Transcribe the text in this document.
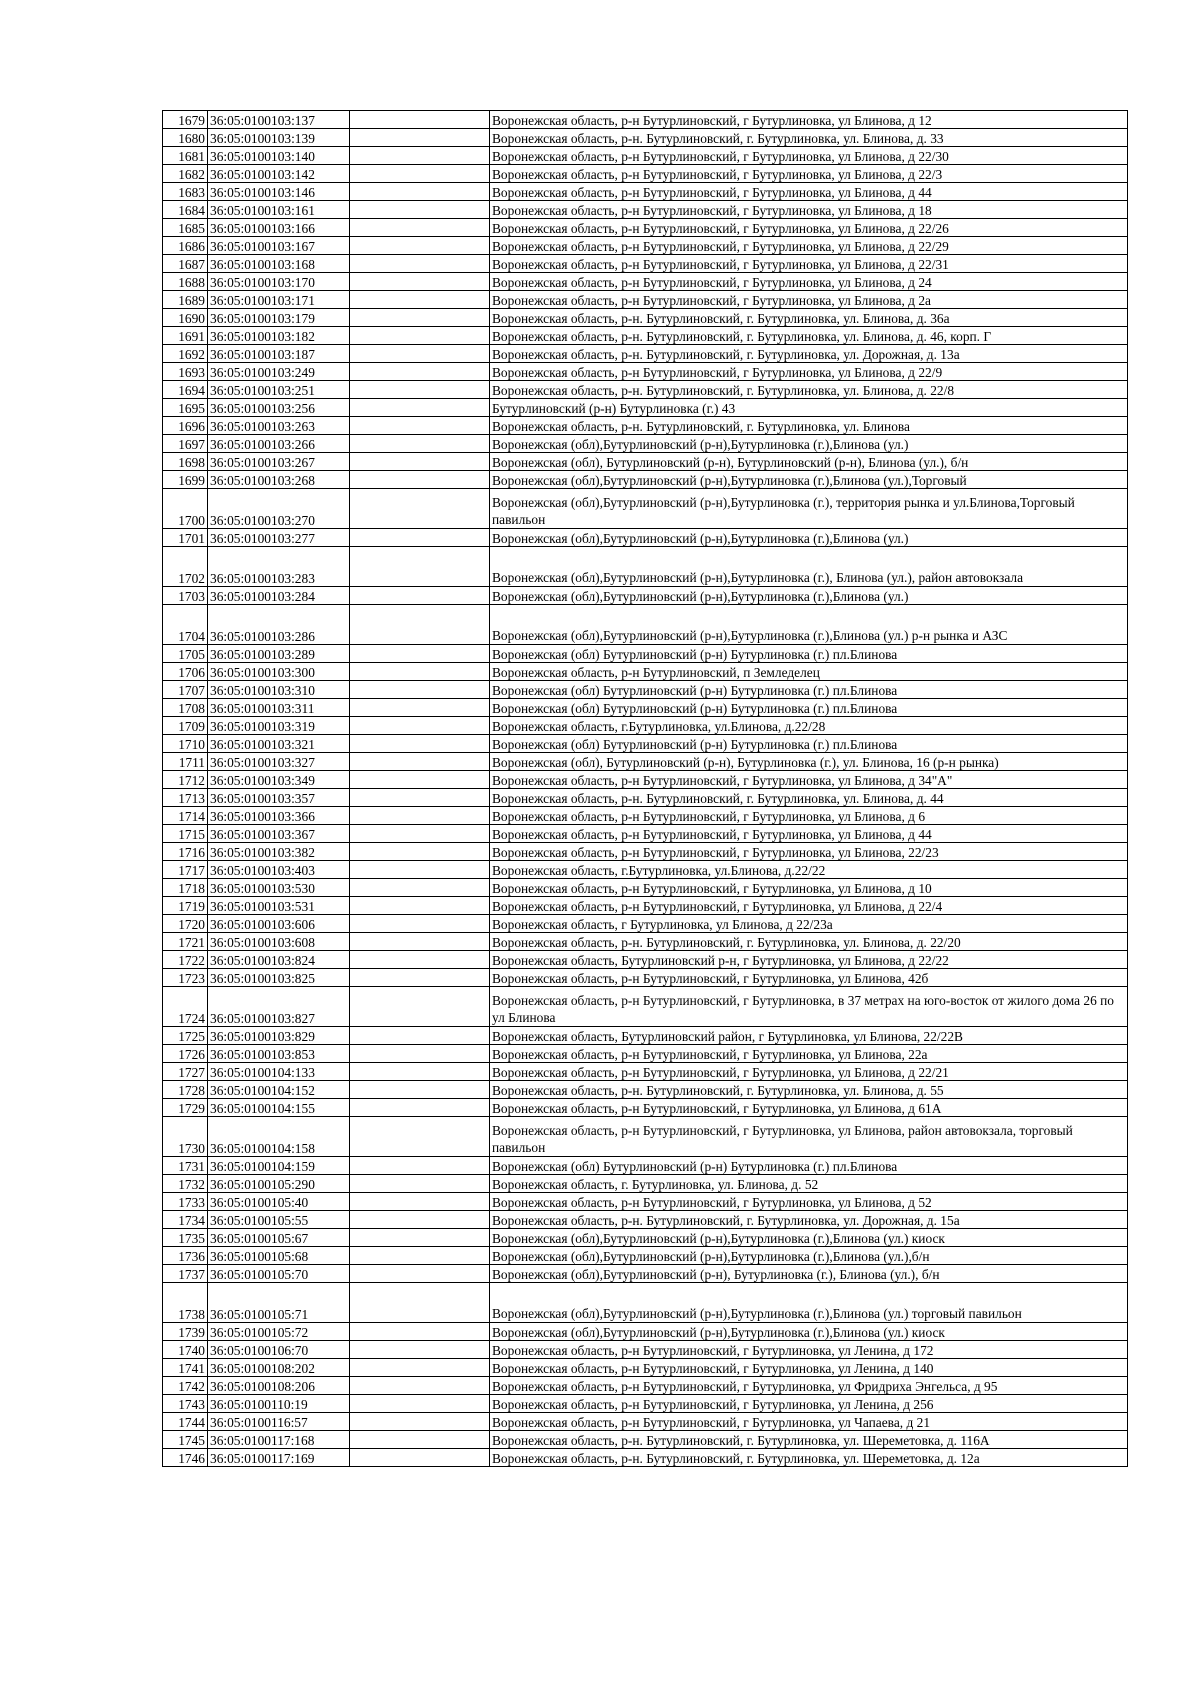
1679	36:05:0100103:137		Воронежская область, р-н Бутурлиновский, г Бутурлиновка, ул Блинова, д 12
1680	36:05:0100103:139		Воронежская область, р-н. Бутурлиновский, г. Бутурлиновка, ул. Блинова, д. 33
1681	36:05:0100103:140		Воронежская область, р-н Бутурлиновский, г Бутурлиновка, ул Блинова, д 22/30
1682	36:05:0100103:142		Воронежская область, р-н Бутурлиновский, г Бутурлиновка, ул Блинова, д 22/3
1683	36:05:0100103:146		Воронежская область, р-н Бутурлиновский, г Бутурлиновка, ул Блинова, д 44
1684	36:05:0100103:161		Воронежская область, р-н Бутурлиновский, г Бутурлиновка, ул Блинова, д 18
1685	36:05:0100103:166		Воронежская область, р-н Бутурлиновский, г Бутурлиновка, ул Блинова, д 22/26
1686	36:05:0100103:167		Воронежская область, р-н Бутурлиновский, г Бутурлиновка, ул Блинова, д 22/29
1687	36:05:0100103:168		Воронежская область, р-н Бутурлиновский, г Бутурлиновка, ул Блинова, д 22/31
1688	36:05:0100103:170		Воронежская область, р-н Бутурлиновский, г Бутурлиновка, ул Блинова, д 24
1689	36:05:0100103:171		Воронежская область, р-н Бутурлиновский, г Бутурлиновка, ул Блинова, д 2а
1690	36:05:0100103:179		Воронежская область, р-н. Бутурлиновский, г. Бутурлиновка, ул. Блинова, д. 36а
1691	36:05:0100103:182		Воронежская область, р-н. Бутурлиновский, г. Бутурлиновка, ул. Блинова, д. 46, корп. Г
1692	36:05:0100103:187		Воронежская область, р-н. Бутурлиновский, г. Бутурлиновка, ул. Дорожная, д. 13а
1693	36:05:0100103:249		Воронежская область, р-н Бутурлиновский, г Бутурлиновка, ул Блинова, д 22/9
1694	36:05:0100103:251		Воронежская область, р-н. Бутурлиновский, г. Бутурлиновка, ул. Блинова, д. 22/8
1695	36:05:0100103:256		Бутурлиновский (р-н) Бутурлиновка (г.) 43
1696	36:05:0100103:263		Воронежская область, р-н. Бутурлиновский, г. Бутурлиновка, ул. Блинова
1697	36:05:0100103:266		Воронежская (обл),Бутурлиновский (р-н),Бутурлиновка (г.),Блинова (ул.)
1698	36:05:0100103:267		Воронежская (обл), Бутурлиновский (р-н), Бутурлиновский (р-н), Блинова (ул.), б/н
1699	36:05:0100103:268		Воронежская (обл),Бутурлиновский (р-н),Бутурлиновка (г.),Блинова (ул.),Торговый
1700	36:05:0100103:270		Воронежская (обл),Бутурлиновский (р-н),Бутурлиновка (г.), территория рынка и ул.Блинова,Торговый павильон
1701	36:05:0100103:277		Воронежская (обл),Бутурлиновский (р-н),Бутурлиновка (г.),Блинова (ул.)
1702	36:05:0100103:283		Воронежская (обл),Бутурлиновский (р-н),Бутурлиновка (г.), Блинова (ул.), район автовокзала
1703	36:05:0100103:284		Воронежская (обл),Бутурлиновский (р-н),Бутурлиновка (г.),Блинова (ул.)
1704	36:05:0100103:286		Воронежская (обл),Бутурлиновский (р-н),Бутурлиновка (г.),Блинова (ул.) р-н рынка и АЗС
1705	36:05:0100103:289		Воронежская (обл) Бутурлиновский (р-н) Бутурлиновка (г.) пл.Блинова
1706	36:05:0100103:300		Воронежская область, р-н Бутурлиновский, п Земледелец
1707	36:05:0100103:310		Воронежская (обл) Бутурлиновский (р-н) Бутурлиновка (г.) пл.Блинова
1708	36:05:0100103:311		Воронежская (обл) Бутурлиновский (р-н) Бутурлиновка (г.) пл.Блинова
1709	36:05:0100103:319		Воронежская область, г.Бутурлиновка, ул.Блинова, д.22/28
1710	36:05:0100103:321		Воронежская (обл) Бутурлиновский (р-н) Бутурлиновка (г.) пл.Блинова
1711	36:05:0100103:327		Воронежская (обл), Бутурлиновский (р-н), Бутурлиновка (г.), ул. Блинова, 16 (р-н рынка)
1712	36:05:0100103:349		Воронежская область, р-н Бутурлиновский, г Бутурлиновка, ул Блинова, д 34"А"
1713	36:05:0100103:357		Воронежская область, р-н. Бутурлиновский, г. Бутурлиновка, ул. Блинова, д. 44
1714	36:05:0100103:366		Воронежская область, р-н Бутурлиновский, г Бутурлиновка, ул Блинова, д 6
1715	36:05:0100103:367		Воронежская область, р-н Бутурлиновский, г Бутурлиновка, ул Блинова, д 44
1716	36:05:0100103:382		Воронежская область, р-н Бутурлиновский, г Бутурлиновка, ул Блинова, 22/23
1717	36:05:0100103:403		Воронежская область, г.Бутурлиновка, ул.Блинова, д.22/22
1718	36:05:0100103:530		Воронежская область, р-н Бутурлиновский, г Бутурлиновка, ул Блинова, д 10
1719	36:05:0100103:531		Воронежская область, р-н Бутурлиновский, г Бутурлиновка, ул Блинова, д 22/4
1720	36:05:0100103:606		Воронежская область, г Бутурлиновка, ул Блинова, д 22/23а
1721	36:05:0100103:608		Воронежская область, р-н. Бутурлиновский, г. Бутурлиновка, ул. Блинова, д. 22/20
1722	36:05:0100103:824		Воронежская область, Бутурлиновский р-н, г Бутурлиновка, ул Блинова, д 22/22
1723	36:05:0100103:825		Воронежская область, р-н Бутурлиновский, г Бутурлиновка, ул Блинова, 42б
1724	36:05:0100103:827		Воронежская область, р-н Бутурлиновский, г Бутурлиновка, в 37 метрах на юго-восток от жилого дома 26 по ул Блинова
1725	36:05:0100103:829		Воронежская область, Бутурлиновский район, г Бутурлиновка, ул Блинова, 22/22В
1726	36:05:0100103:853		Воронежская область, р-н Бутурлиновский, г Бутурлиновка, ул Блинова, 22а
1727	36:05:0100104:133		Воронежская область, р-н Бутурлиновский, г Бутурлиновка, ул Блинова, д 22/21
1728	36:05:0100104:152		Воронежская область, р-н. Бутурлиновский, г. Бутурлиновка, ул. Блинова, д. 55
1729	36:05:0100104:155		Воронежская область, р-н Бутурлиновский, г Бутурлиновка, ул Блинова, д 61А
1730	36:05:0100104:158		Воронежская область, р-н Бутурлиновский, г Бутурлиновка, ул Блинова, район автовокзала, торговый павильон
1731	36:05:0100104:159		Воронежская (обл) Бутурлиновский (р-н) Бутурлиновка (г.) пл.Блинова
1732	36:05:0100105:290		Воронежская область, г. Бутурлиновка, ул. Блинова, д. 52
1733	36:05:0100105:40		Воронежская область, р-н Бутурлиновский, г Бутурлиновка, ул Блинова, д 52
1734	36:05:0100105:55		Воронежская область, р-н. Бутурлиновский, г. Бутурлиновка, ул. Дорожная, д. 15а
1735	36:05:0100105:67		Воронежская (обл),Бутурлиновский (р-н),Бутурлиновка (г.),Блинова (ул.) киоск
1736	36:05:0100105:68		Воронежская (обл),Бутурлиновский (р-н),Бутурлиновка (г.),Блинова (ул.),б/н
1737	36:05:0100105:70		Воронежская (обл),Бутурлиновский (р-н), Бутурлиновка (г.), Блинова (ул.), б/н
1738	36:05:0100105:71		Воронежская (обл),Бутурлиновский (р-н),Бутурлиновка (г.),Блинова (ул.) торговый павильон
1739	36:05:0100105:72		Воронежская (обл),Бутурлиновский (р-н),Бутурлиновка (г.),Блинова (ул.) киоск
1740	36:05:0100106:70		Воронежская область, р-н Бутурлиновский, г Бутурлиновка, ул Ленина, д 172
1741	36:05:0100108:202		Воронежская область, р-н Бутурлиновский, г Бутурлиновка, ул Ленина, д 140
1742	36:05:0100108:206		Воронежская область, р-н Бутурлиновский, г Бутурлиновка, ул Фридриха Энгельса, д 95
1743	36:05:0100110:19		Воронежская область, р-н Бутурлиновский, г Бутурлиновка, ул Ленина, д 256
1744	36:05:0100116:57		Воронежская область, р-н Бутурлиновский, г Бутурлиновка, ул Чапаева, д 21
1745	36:05:0100117:168		Воронежская область, р-н. Бутурлиновский, г. Бутурлиновка, ул. Шереметовка, д. 116А
1746	36:05:0100117:169		Воронежская область, р-н. Бутурлиновский, г. Бутурлиновка, ул. Шереметовка, д. 12а
